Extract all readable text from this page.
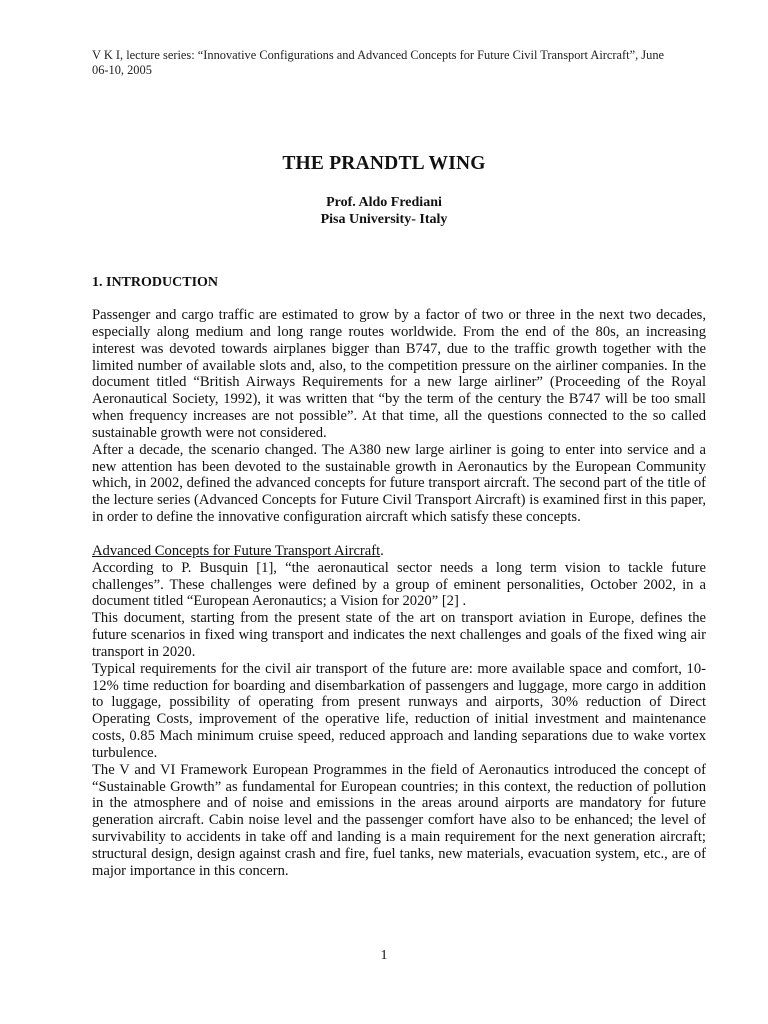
V K I, lecture series: “Innovative Configurations and Advanced Concepts for Future Civil Transport Aircraft”, June 06-10, 2005
THE PRANDTL WING
Prof. Aldo Frediani
Pisa University- Italy
1. INTRODUCTION

Passenger and cargo traffic are estimated to grow by a factor of two or three in the next two decades, especially along medium and long range routes worldwide. From the end of the 80s, an increasing interest was devoted towards airplanes bigger than B747, due to the traffic growth together with the limited number of available slots and, also, to the competition pressure on the airliner companies. In the document titled “British Airways Requirements for a new large airliner” (Proceeding of the Royal Aeronautical Society, 1992), it was written that “by the term of the century the B747 will be too small when frequency increases are not possible”. At that time, all the questions connected to the so called sustainable growth were not considered.

After a decade, the scenario changed. The A380 new large airliner is going to enter into service and a new attention has been devoted to the sustainable growth in Aeronautics by the European Community which, in 2002, defined the advanced concepts for future transport aircraft. The second part of the title of the lecture series (Advanced Concepts for Future Civil Transport Aircraft) is examined first in this paper, in order to define the innovative configuration aircraft which satisfy these concepts.

Advanced Concepts for Future Transport Aircraft.

According to P. Busquin [1], “the aeronautical sector needs a long term vision to tackle future challenges”. These challenges were defined by a group of eminent personalities, October 2002, in a document titled “European Aeronautics; a Vision for 2020” [2] .

This document, starting from the present state of the art on transport aviation in Europe, defines the future scenarios in fixed wing transport and indicates the next challenges and goals of the fixed wing air transport in 2020.

Typical requirements for the civil air transport of the future are: more available space and comfort, 10-12% time reduction for boarding and disembarkation of passengers and luggage, more cargo in addition to luggage, possibility of operating from present runways and airports, 30% reduction of Direct Operating Costs, improvement of the operative life, reduction of initial investment and maintenance costs, 0.85 Mach minimum cruise speed, reduced approach and landing separations due to wake vortex turbulence.

The V and VI Framework European Programmes in the field of Aeronautics introduced the concept of “Sustainable Growth” as fundamental for European countries; in this context, the reduction of pollution in the atmosphere and of noise and emissions in the areas around airports are mandatory for future generation aircraft. Cabin noise level and the passenger comfort have also to be enhanced; the level of survivability to accidents in take off and landing is a main requirement for the next generation aircraft; structural design, design against crash and fire, fuel tanks, new materials, evacuation system, etc., are of major importance in this concern.

1
